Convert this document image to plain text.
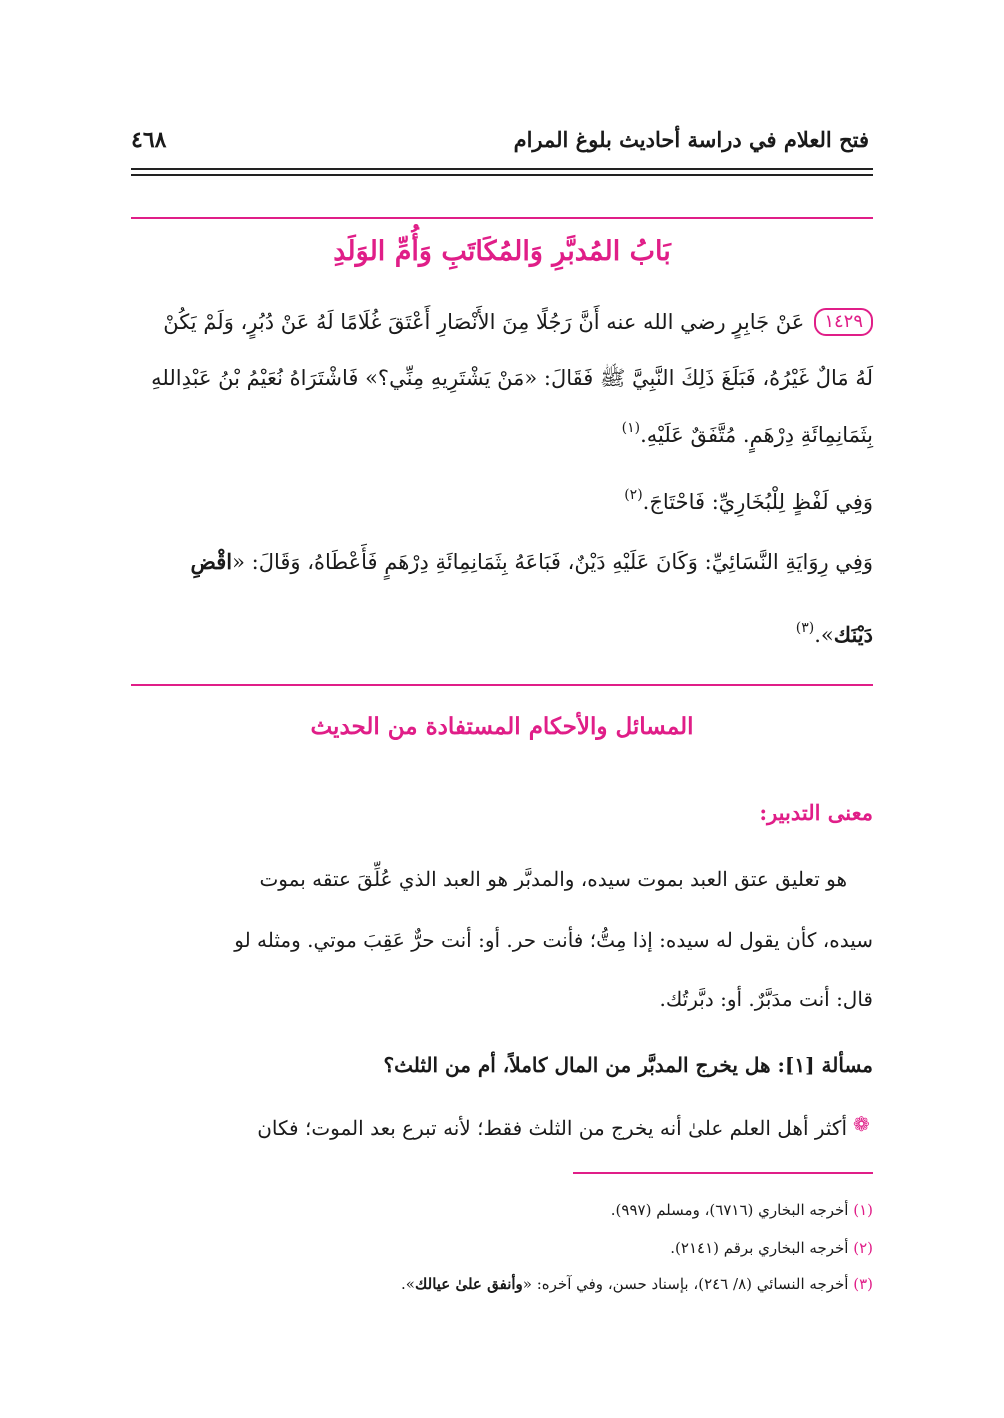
فتح العلام في دراسة أحاديث بلوغ المرام
٤٦٨
بَابُ المُدبَّرِ وَالمُكَاتَبِ وَأُمِّ الوَلَدِ
١٤٢٩عَنْ جَابِرٍ رضي الله عنه أَنَّ رَجُلًا مِنَ الأَنْصَارِ أَعْتَقَ غُلَامًا لَهُ عَنْ دُبُرٍ، وَلَمْ يَكُنْ
لَهُ مَالٌ غَيْرُهُ، فَبَلَغَ ذَلِكَ النَّبِيَّ ﷺ فَقَالَ: «مَنْ يَشْتَرِيهِ مِنِّي؟» فَاشْتَرَاهُ نُعَيْمُ بْنُ عَبْدِاللهِ
بِثَمَانِمِائَةِ دِرْهَمٍ. مُتَّفَقٌ عَلَيْهِ.$^{(١)}$
وَفِي لَفْظٍ لِلْبُخَارِيِّ: فَاحْتَاجَ.$^{(٢)}$
وَفِي رِوَايَةِ النَّسَائِيِّ: وَكَانَ عَلَيْهِ دَيْنٌ، فَبَاعَهُ بِثَمَانِمِائَةِ دِرْهَمٍ فَأَعْطَاهُ، وَقَالَ: «اقْضِ
دَيْنَك».$^{(٣)}$
المسائل والأحكام المستفادة من الحديث
معنى التدبير:
هو تعليق عتق العبد بموت سيده، والمدبَّر هو العبد الذي عُلِّقَ عتقه بموت
سيده، كأن يقول له سيده: إذا مِتُّ؛ فأنت حر. أو: أنت حرٌّ عَقِبَ موتي. ومثله لو
قال: أنت مدَبَّرٌ. أو: دبَّرتُك.
مسألة [١]: هل يخرج المدبَّر من المال كاملاً، أم من الثلث؟
❁
أكثر أهل العلم علىٰ أنه يخرج من الثلث فقط؛ لأنه تبرع بعد الموت؛ فكان
(١) أخرجه البخاري (٦٧١٦)، ومسلم (٩٩٧).
(٢) أخرجه البخاري برقم (٢١٤١).
(٣) أخرجه النسائي (٨/ ٢٤٦)، بإسناد حسن، وفي آخره: «وأنفق علىٰ عيالك».
